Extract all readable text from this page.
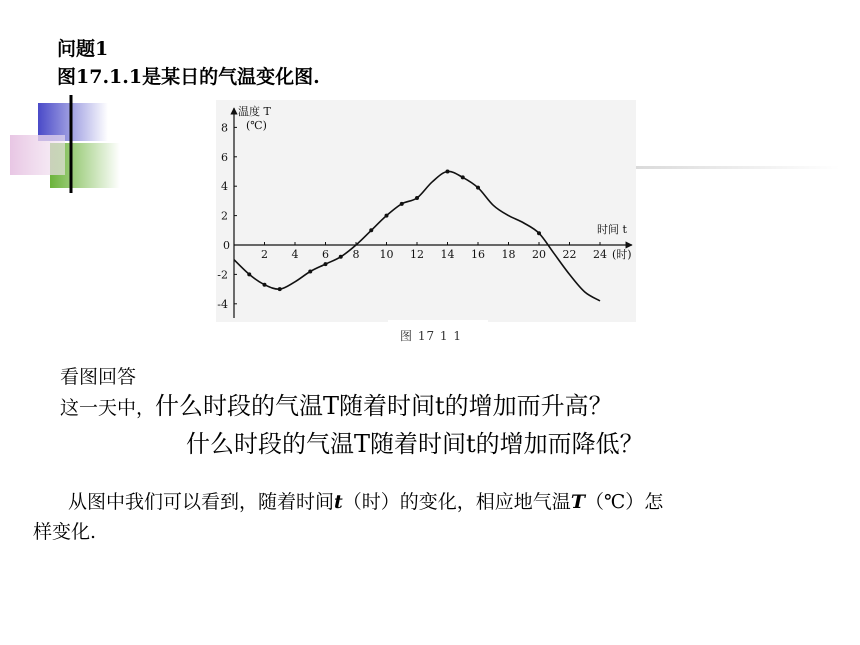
问题1
图17.1.1是某日的气温变化图.
温度 T
(℃)
时间 t
(时)
0
2 4 6 8 10 12 14 16 18 20 22 24
8
6
4
2
-2
-4
图 17 1 1
看图回答
这一天中，什么时段的气温T随着时间t的增加而升高？
什么时段的气温T随着时间t的增加而降低？
从图中我们可以看到，随着时间t（时）的变化，相应地气温T（℃）怎
样变化.
